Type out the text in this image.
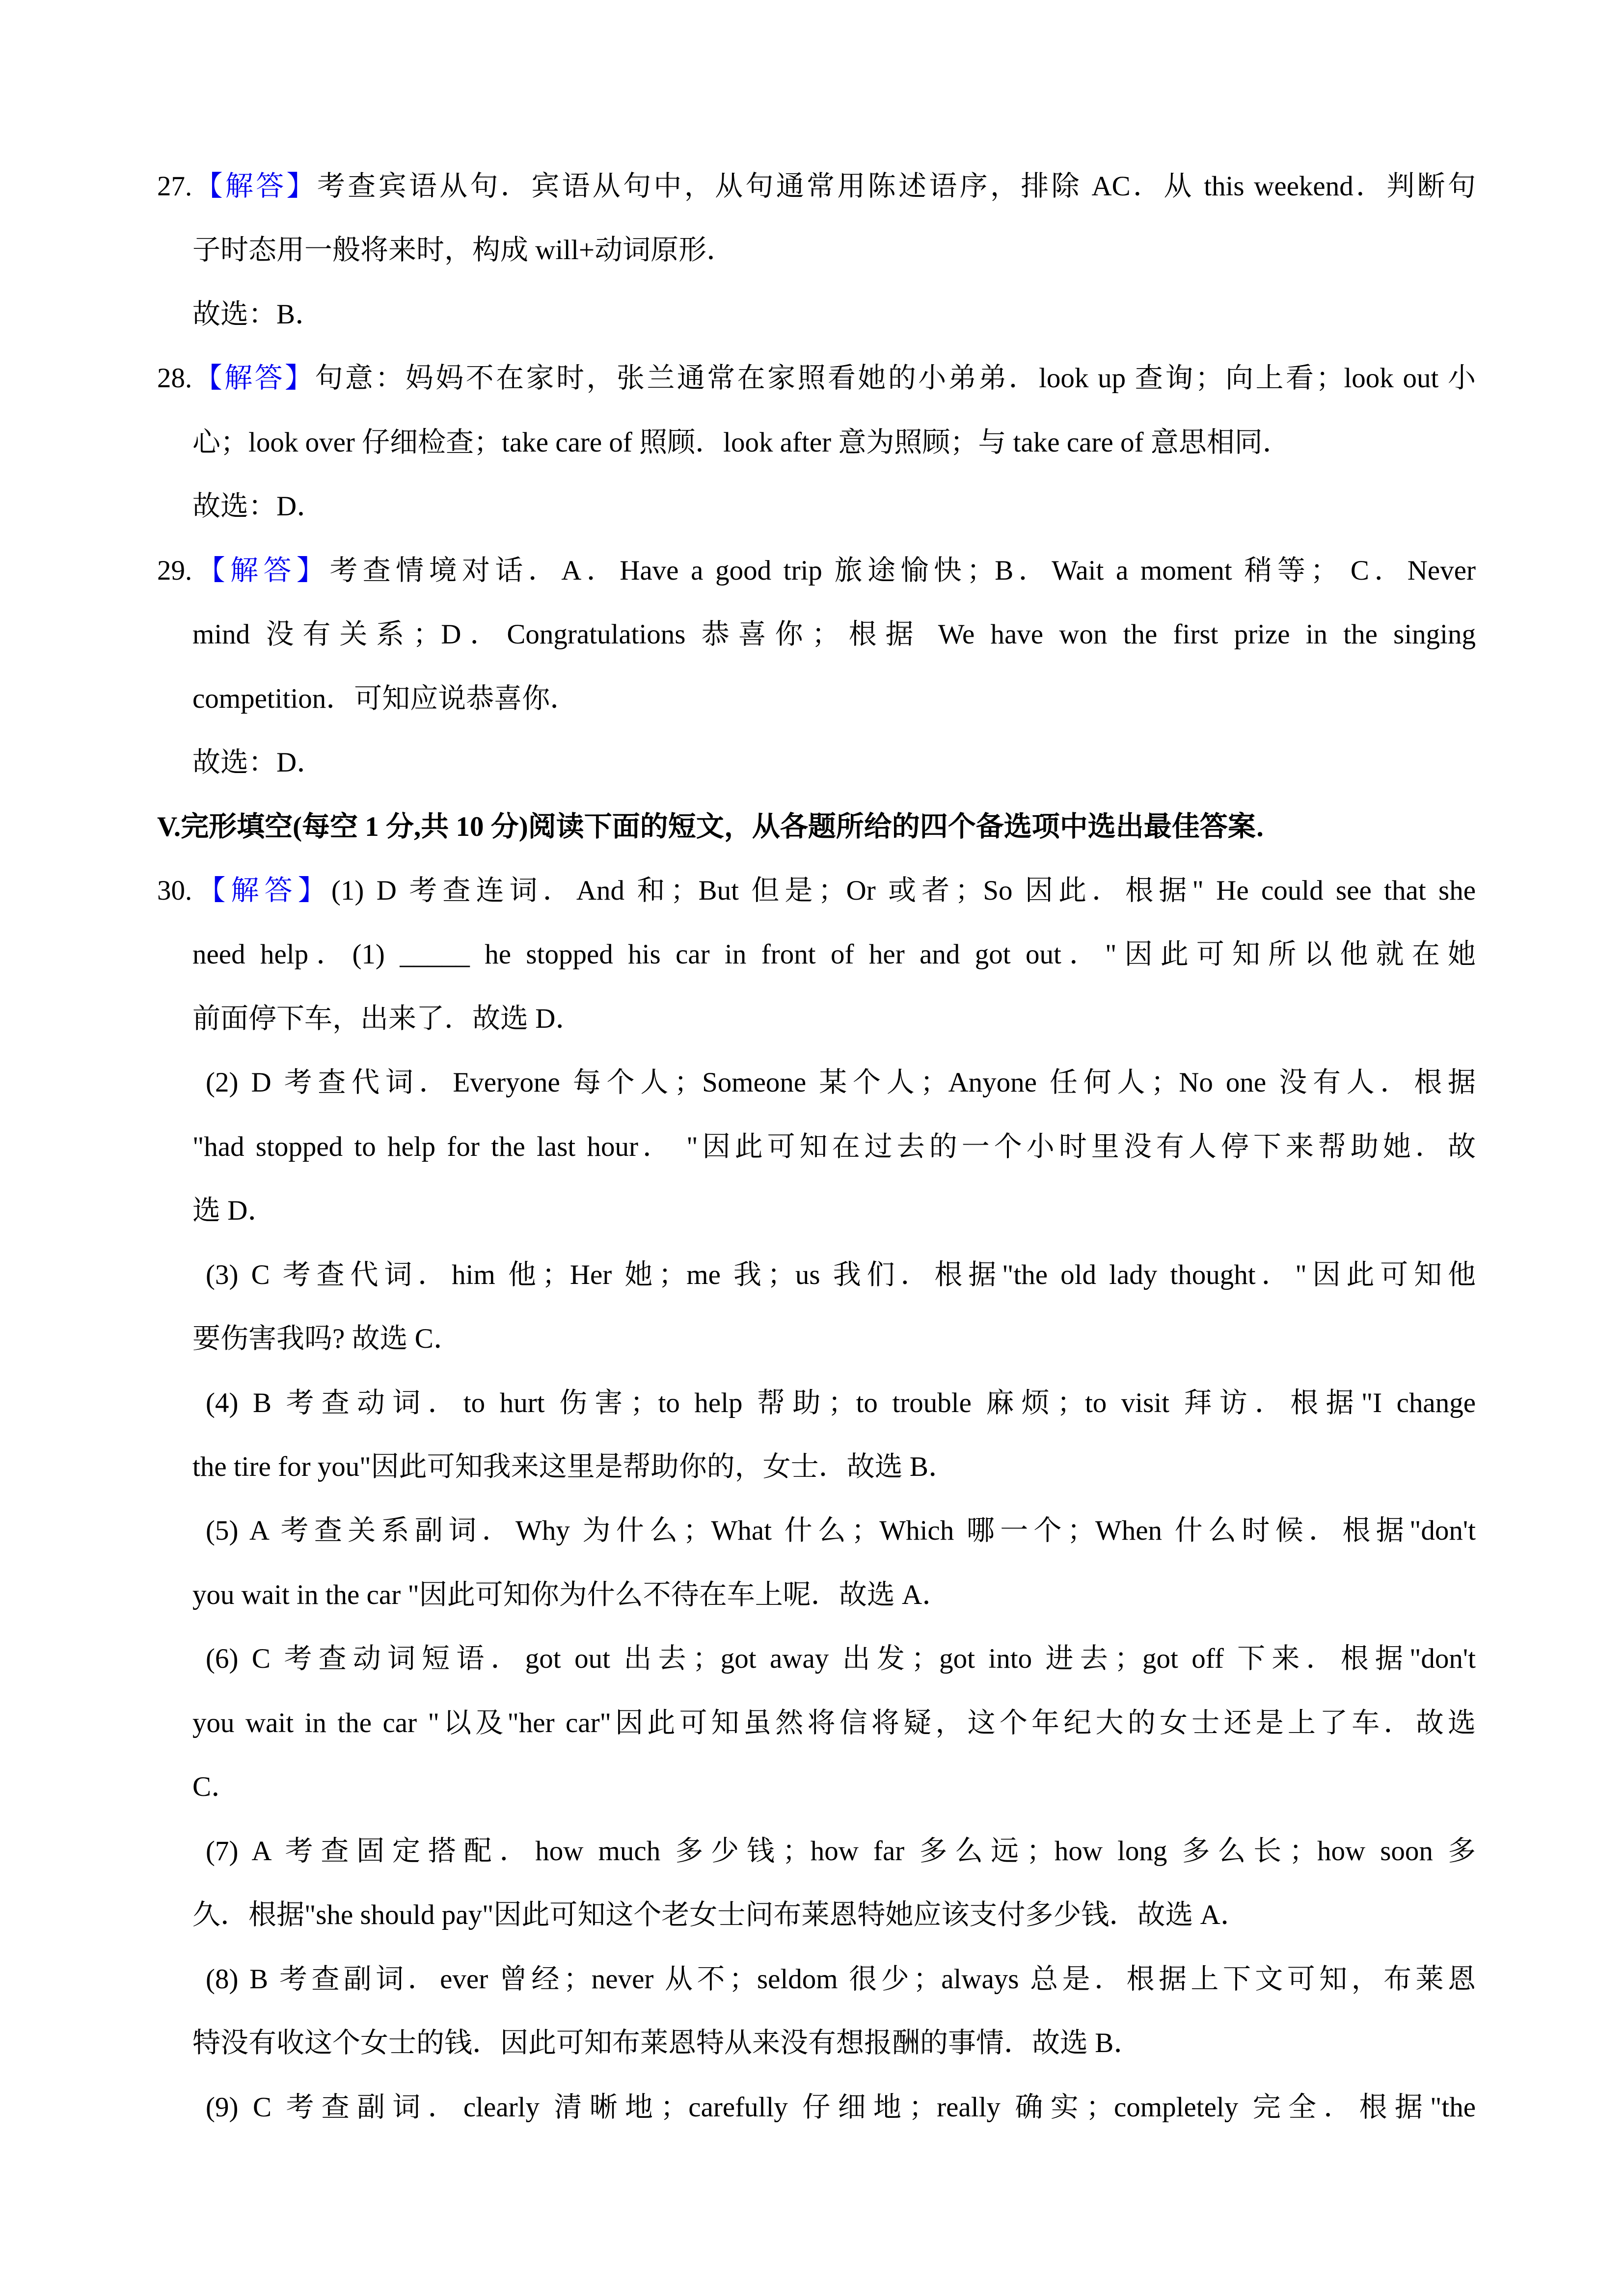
27.【解答】考查宾语从句．宾语从句中，从句通常用陈述语序，排除 AC．从 this weekend．判断句
子时态用一般将来时，构成 will+动词原形．
故选：B．
28.【解答】句意：妈妈不在家时，张兰通常在家照看她的小弟弟．look up 查询；向上看；look out 小
心；look over 仔细检查；take care of 照顾．look after 意为照顾；与 take care of 意思相同．
故选：D．
29.【解答】考查情境对话．A．Have a good trip 旅途愉快；B．Wait a moment 稍等； C．Never
mind 没有关系；D．Congratulations 恭喜你；根据 We have won the first prize in the singing
competition．可知应说恭喜你．
故选：D．
V.完形填空(每空 1 分,共 10 分)阅读下面的短文，从各题所给的四个备选项中选出最佳答案．
30.【解答】(1) D 考查连词．And 和；But 但是；Or 或者；So 因此．根据" He could see that she
need help．(1) _____ he stopped his car in front of her and got out．"因此可知所以他就在她
前面停下车，出来了．故选 D．
(2) D 考查代词．Everyone 每个人；Someone 某个人；Anyone 任何人；No one 没有人．根据
"had stopped to help for the last hour． "因此可知在过去的一个小时里没有人停下来帮助她．故
选 D．
(3) C 考查代词．him 他；Her 她；me 我；us 我们．根据"the old lady thought．"因此可知他
要伤害我吗? 故选 C．
(4) B 考查动词．to hurt 伤害；to help 帮助；to trouble 麻烦；to visit 拜访．根据"I change
the tire for you"因此可知我来这里是帮助你的，女士．故选 B．
(5) A 考查关系副词．Why 为什么；What 什么；Which 哪一个；When 什么时候．根据"don't
you wait in the car "因此可知你为什么不待在车上呢．故选 A．
(6) C 考查动词短语．got out 出去；got away 出发；got into 进去；got off 下来．根据"don't
you wait in the car "以及"her car"因此可知虽然将信将疑，这个年纪大的女士还是上了车．故选
C．
(7) A 考查固定搭配．how much 多少钱；how far 多么远；how long 多么长；how soon 多
久．根据"she should pay"因此可知这个老女士问布莱恩特她应该支付多少钱．故选 A．
(8) B 考查副词．ever 曾经；never 从不；seldom 很少；always 总是．根据上下文可知，布莱恩
特没有收这个女士的钱．因此可知布莱恩特从来没有想报酬的事情．故选 B．
(9) C 考查副词．clearly 清晰地；carefully 仔细地；really 确实；completely 完全．根据"the
